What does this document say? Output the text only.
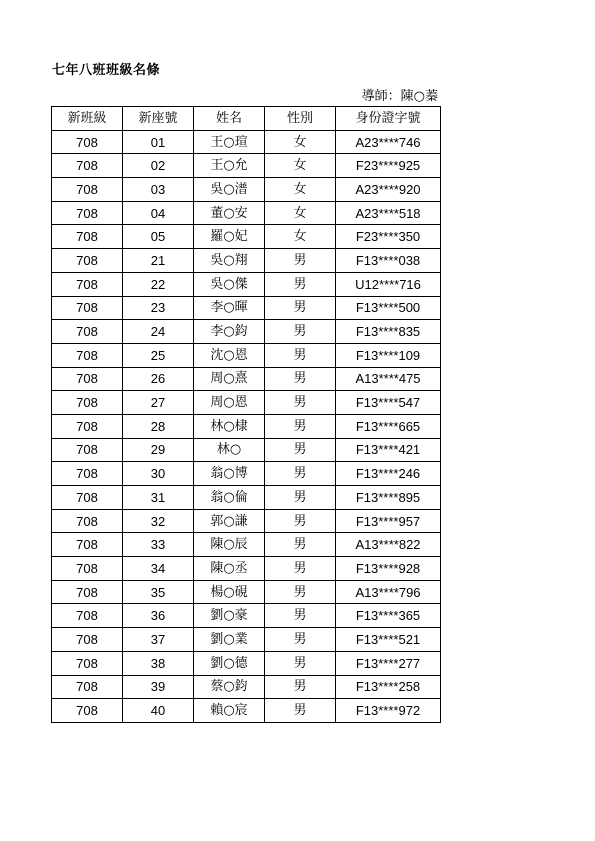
七年八班班級名條
導師：陳○蓁
新班級	新座號	姓名	性別	身份證字號
708	01	王○瑄	女	A23****746
708	02	王○允	女	F23****925
708	03	吳○潽	女	A23****920
708	04	董○安	女	A23****518
708	05	羅○妃	女	F23****350
708	21	吳○翔	男	F13****038
708	22	吳○傑	男	U12****716
708	23	李○暉	男	F13****500
708	24	李○鈞	男	F13****835
708	25	沈○恩	男	F13****109
708	26	周○熹	男	A13****475
708	27	周○恩	男	F13****547
708	28	林○棣	男	F13****665
708	29	林○	男	F13****421
708	30	翁○博	男	F13****246
708	31	翁○倫	男	F13****895
708	32	郭○謙	男	F13****957
708	33	陳○辰	男	A13****822
708	34	陳○丞	男	F13****928
708	35	楊○硯	男	A13****796
708	36	劉○豪	男	F13****365
708	37	劉○業	男	F13****521
708	38	劉○德	男	F13****277
708	39	蔡○鈞	男	F13****258
708	40	賴○宸	男	F13****972
